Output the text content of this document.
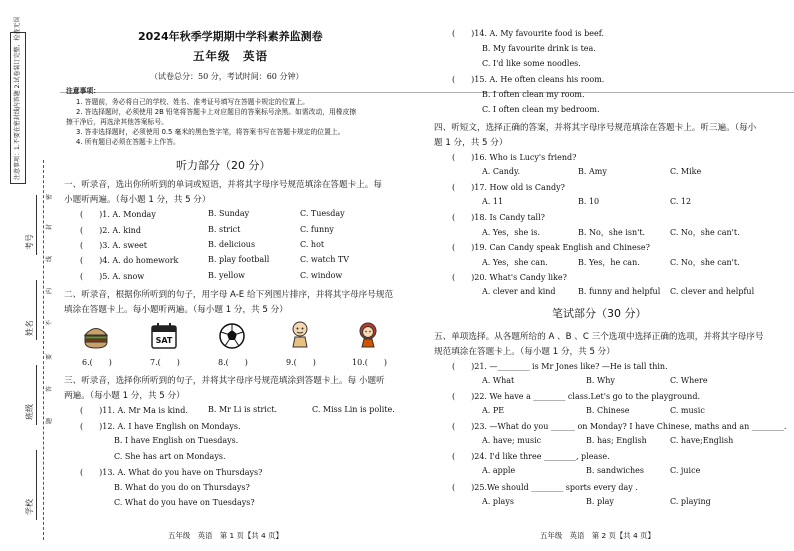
注意事项：1.不要在密封线内答题 2.试卷装订完整，检查无误
密
封
线
内
不
要
答
题
考号
姓名
班级
学校
2024年秋季学期期中学科素养监测卷
五年级　英语
（试卷总分：50 分，考试时间：60 分钟）
注意事项：
1. 答题前，务必将自己的学校、姓名、准考证号填写在答题卡规定的位置上。
2. 答选择题时，必须使用 2B 铅笔将答题卡上对应题目的答案标号涂黑。如需改动，用橡皮擦
擦干净后，再选涂其他答案标号。
3. 答非选择题时，必须使用 0.5 毫米的黑色签字笔，将答案书写在答题卡规定的位置上。
4. 所有题目必须在答题卡上作答。
听力部分（20 分）
一、听录音，选出你所听到的单词或短语，并将其字母序号规范填涂在答题卡上。每
小题听两遍。（每小题 1 分，共 5 分）
(　　)1. A. Monday	B. Sunday	C. Tuesday
(　　)2. A. kind	B. strict	C. funny
(　　)3. A. sweet	B. delicious	C. hot
(　　)4. A. do homework	B. play football	C. watch TV
(　　)5. A. snow	B. yellow	C. window
二、听录音，根据你所听到的句子，用字母 A-E 给下列图片排序，并将其字母序号规范
填涂在答题卡上。每小题听两遍。（每小题 1 分，共 5 分）
SAT
6.(　　)	7.(　　)	8.(　　)	9.(　　)	10.(　　)
三、听录音，选择你所听到的句子，并将其字母序号规范填涂到答题卡上。每 小题听
两遍。（每小题 1 分，共 5 分）
(　　)11. A. Mr Ma is kind.	B. Mr Li is strict.	C. Miss Lin is polite.
(　　)12. A. I have English on Mondays.
B. I have English on Tuesdays.
C. She has art on Mondays.
(　　)13. A. What do you have on Thursdays?
B. What do you do on Thursdays?
C. What do you have on Tuesdays?
五年级　英语　第 1 页【共 4 页】
(　　)14. A. My favourite food is beef.
B. My favourite drink is tea.
C. I'd like some noodles.
(　　)15. A. He often cleans his room.
B. I often clean my room.
C. I often clean my bedroom.
四、听短文，选择正确的答案，并将其字母序号规范填涂在答题卡上。听三遍。（每小
题 1 分，共 5 分）
(　　)16. Who is Lucy's friend?
A. Candy.	B. Amy	C. Mike
(　　)17. How old is Candy?
A. 11	B. 10	C. 12
(　　)18. Is Candy tall?
A. Yes，she is.	B. No，she isn't.	C. No，she can't.
(　　)19. Can Candy speak English and Chinese?
A. Yes，she can.	B. Yes，he can.	C. No，she can't.
(　　)20. What's Candy like?
A. clever and kind	B. funny and helpful C. clever and helpful
笔试部分（30 分）
五、单项选择。从各题所给的 A 、B 、C 三个选项中选择正确的选项，并将其字母序号
规范填涂在答题卡上。（每小题 1 分，共 5 分）
(　　)21. —________ is Mr Jones like? —He is tall thin.
A. What	B. Why	C. Where
(　　)22. We have a ________ class.Let's go to the playground.
A. PE	B. Chinese	C. music
(　　)23. —What do you ______ on Monday? I have Chinese, maths and an ________.
A. have; music	B. has; English	C. have;English
(　　)24. I'd like three ________, please.
A. apple	B. sandwiches	C. juice
(　　)25.We should ________ sports every day .
A. plays	B. play	C. playing
五年级　英语　第 2 页【共 4 页】
